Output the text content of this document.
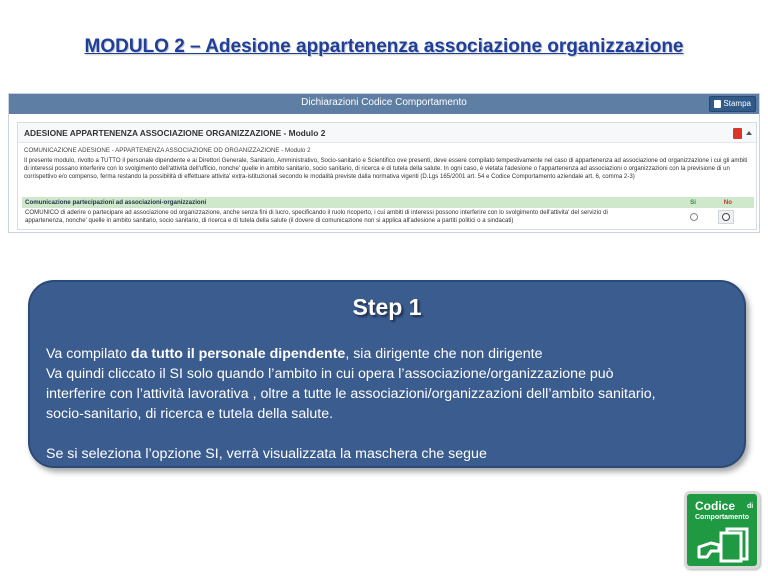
MODULO 2 – Adesione appartenenza associazione organizzazione
Dichiarazioni Codice Comportamento	Stampa
ADESIONE APPARTENENZA ASSOCIAZIONE ORGANIZZAZIONE - Modulo 2
COMUNICAZIONE ADESIONE - APPARTENENZA ASSOCIAZIONE OD ORGANIZZAZIONE - Modulo 2
Il presente modulo, rivolto a TUTTO il personale dipendente e ai Direttori Generale, Sanitario, Amministrativo, Socio-sanitario e Scientifico ove presenti, deve essere compilato tempestivamente nel caso di appartenenza ad associazione od organizzazione i cui gli ambiti di interessi possano interferire con lo svolgimento dell'attività dell'ufficio, nonche' quelle in ambito sanitario, socio sanitario, di ricerca e di tutela della salute. In ogni caso, è vietata l'adesione o l'appartenenza ad associazioni o organizzazioni con la previsione di un corrispettivo e/o compenso, ferma restando la possibilità di effettuare attivita' extra-istituzionali secondo le modalità previste dalla normativa vigenti (D.Lgs 165/2001 art. 54 e Codice Comportamento aziendale art. 6, comma 2-3)
Comunicazione partecipazioni ad associazioni-organizzazioni	Si	No
COMUNICO di aderire o partecipare ad associazione od organizzazione, anche senza fini di lucro, specificando il ruolo ricoperto, i cui ambiti di interessi possono interferire con lo svolgimento dell'attivita' del servizio di appartenenza, nonche' quelle in ambito sanitario, socio sanitario, di ricerca e di tutela della salute (il dovere di comunicazione non si applica all'adesione a partiti politici o a sindacati)
Step 1
Va compilato da tutto il personale dipendente, sia dirigente che non dirigente
Va quindi cliccato il SI solo quando l’ambito in cui opera l’associazione/organizzazione può
interferire con l’attività lavorativa , oltre a tutte le associazioni/organizzazioni dell’ambito sanitario,
socio-sanitario, di ricerca e tutela della salute.
Se si seleziona l’opzione SI, verrà visualizzata la maschera che segue
Codice di
Comportamento
